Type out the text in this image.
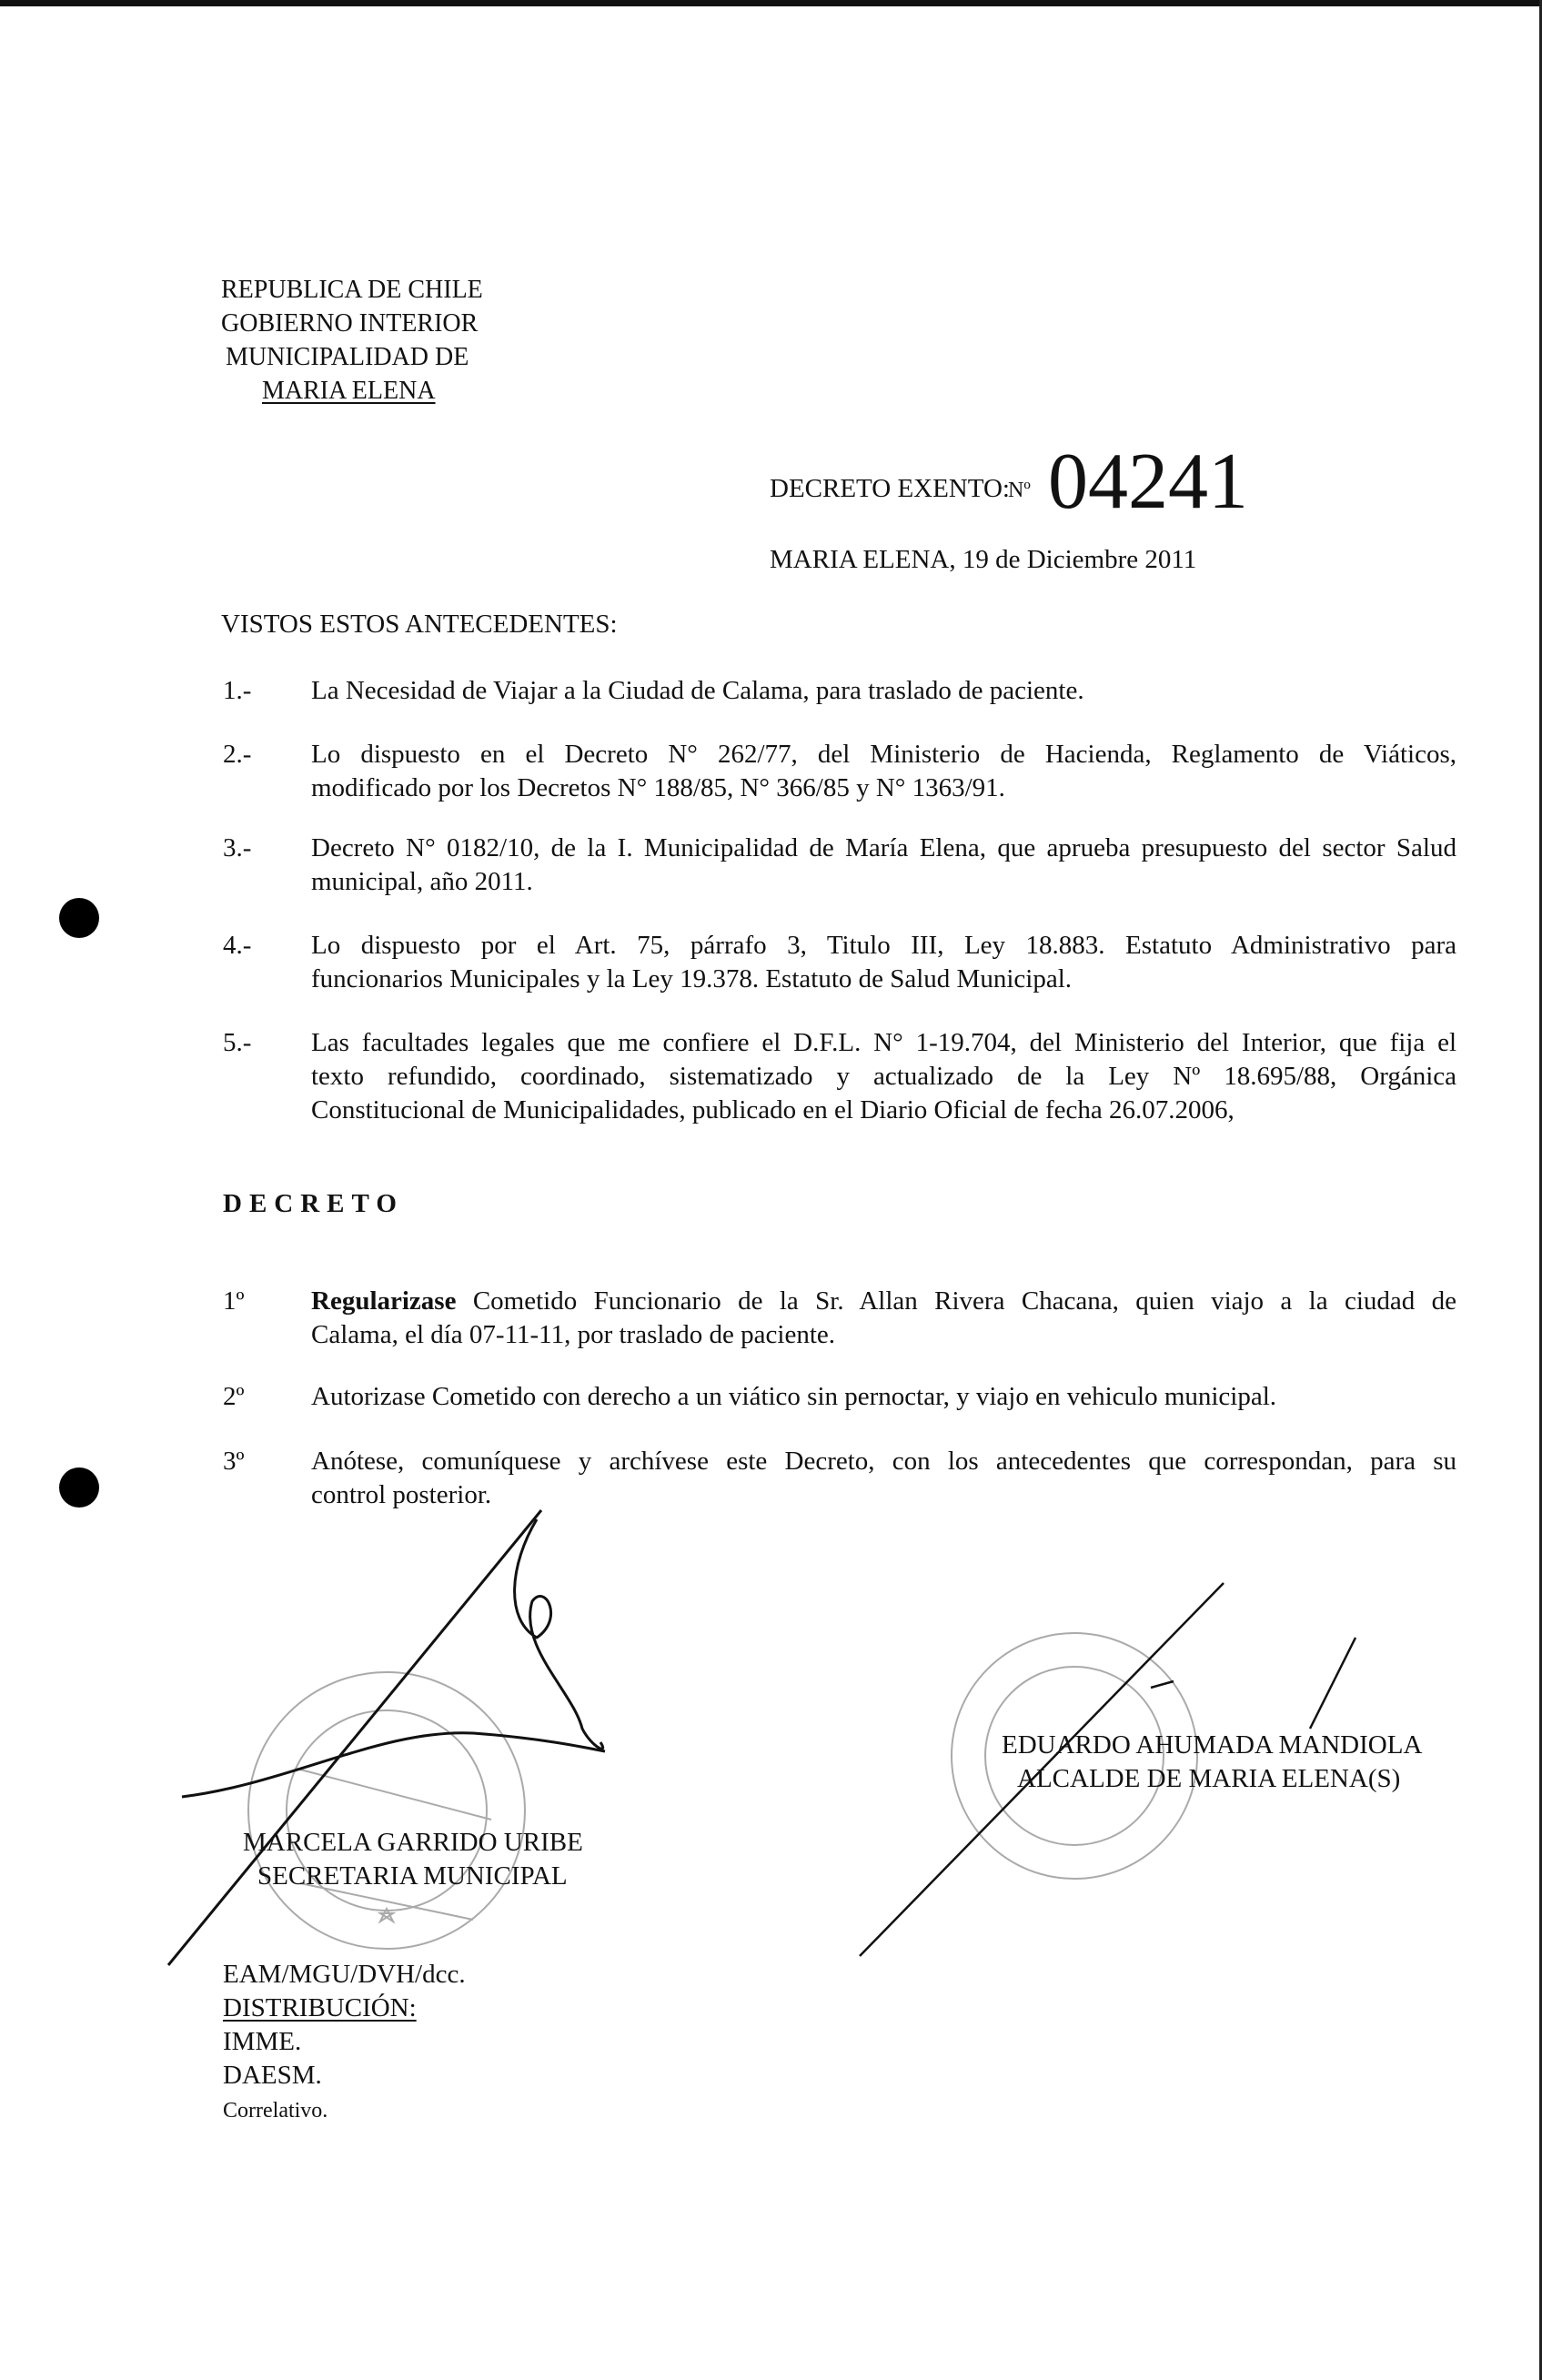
REPUBLICA DE CHILE
GOBIERNO INTERIOR
MUNICIPALIDAD DE
MARIA ELENA
DECRETO EXENTO:
Nº 04241
MARIA ELENA, 19 de Diciembre 2011
VISTOS ESTOS ANTECEDENTES:
1.- La Necesidad de Viajar a la Ciudad de Calama, para traslado de paciente.
2.- Lo dispuesto en el Decreto N° 262/77, del Ministerio de Hacienda, Reglamento de Viáticos,
modificado por los Decretos N° 188/85, N° 366/85 y N° 1363/91.
3.- Decreto N° 0182/10, de la I. Municipalidad de María Elena, que aprueba presupuesto del sector Salud
municipal, año 2011.
4.- Lo dispuesto por el Art. 75, párrafo 3, Titulo III, Ley 18.883. Estatuto Administrativo para
funcionarios Municipales y la Ley 19.378. Estatuto de Salud Municipal.
5.- Las facultades legales que me confiere el D.F.L. N° 1-19.704, del Ministerio del Interior, que fija el
texto refundido, coordinado, sistematizado y actualizado de la Ley Nº 18.695/88, Orgánica
Constitucional de Municipalidades, publicado en el Diario Oficial de fecha 26.07.2006,
DECRETO
1º	Regularizase Cometido Funcionario de la Sr. Allan Rivera Chacana, quien viajo a la ciudad de
Calama, el día 07-11-11, por traslado de paciente.
2º	Autorizase Cometido con derecho a un viático sin pernoctar, y viajo en vehiculo municipal.
3º	Anótese, comuníquese y archívese este Decreto, con los antecedentes que correspondan, para su
control posterior.
MARCELA GARRIDO URIBE
SECRETARIA MUNICIPAL
EDUARDO AHUMADA MANDIOLA
ALCALDE DE MARIA ELENA(S)
EAM/MGU/DVH/dcc.
DISTRIBUCIÓN:
IMME.
DAESM.
Correlativo.
